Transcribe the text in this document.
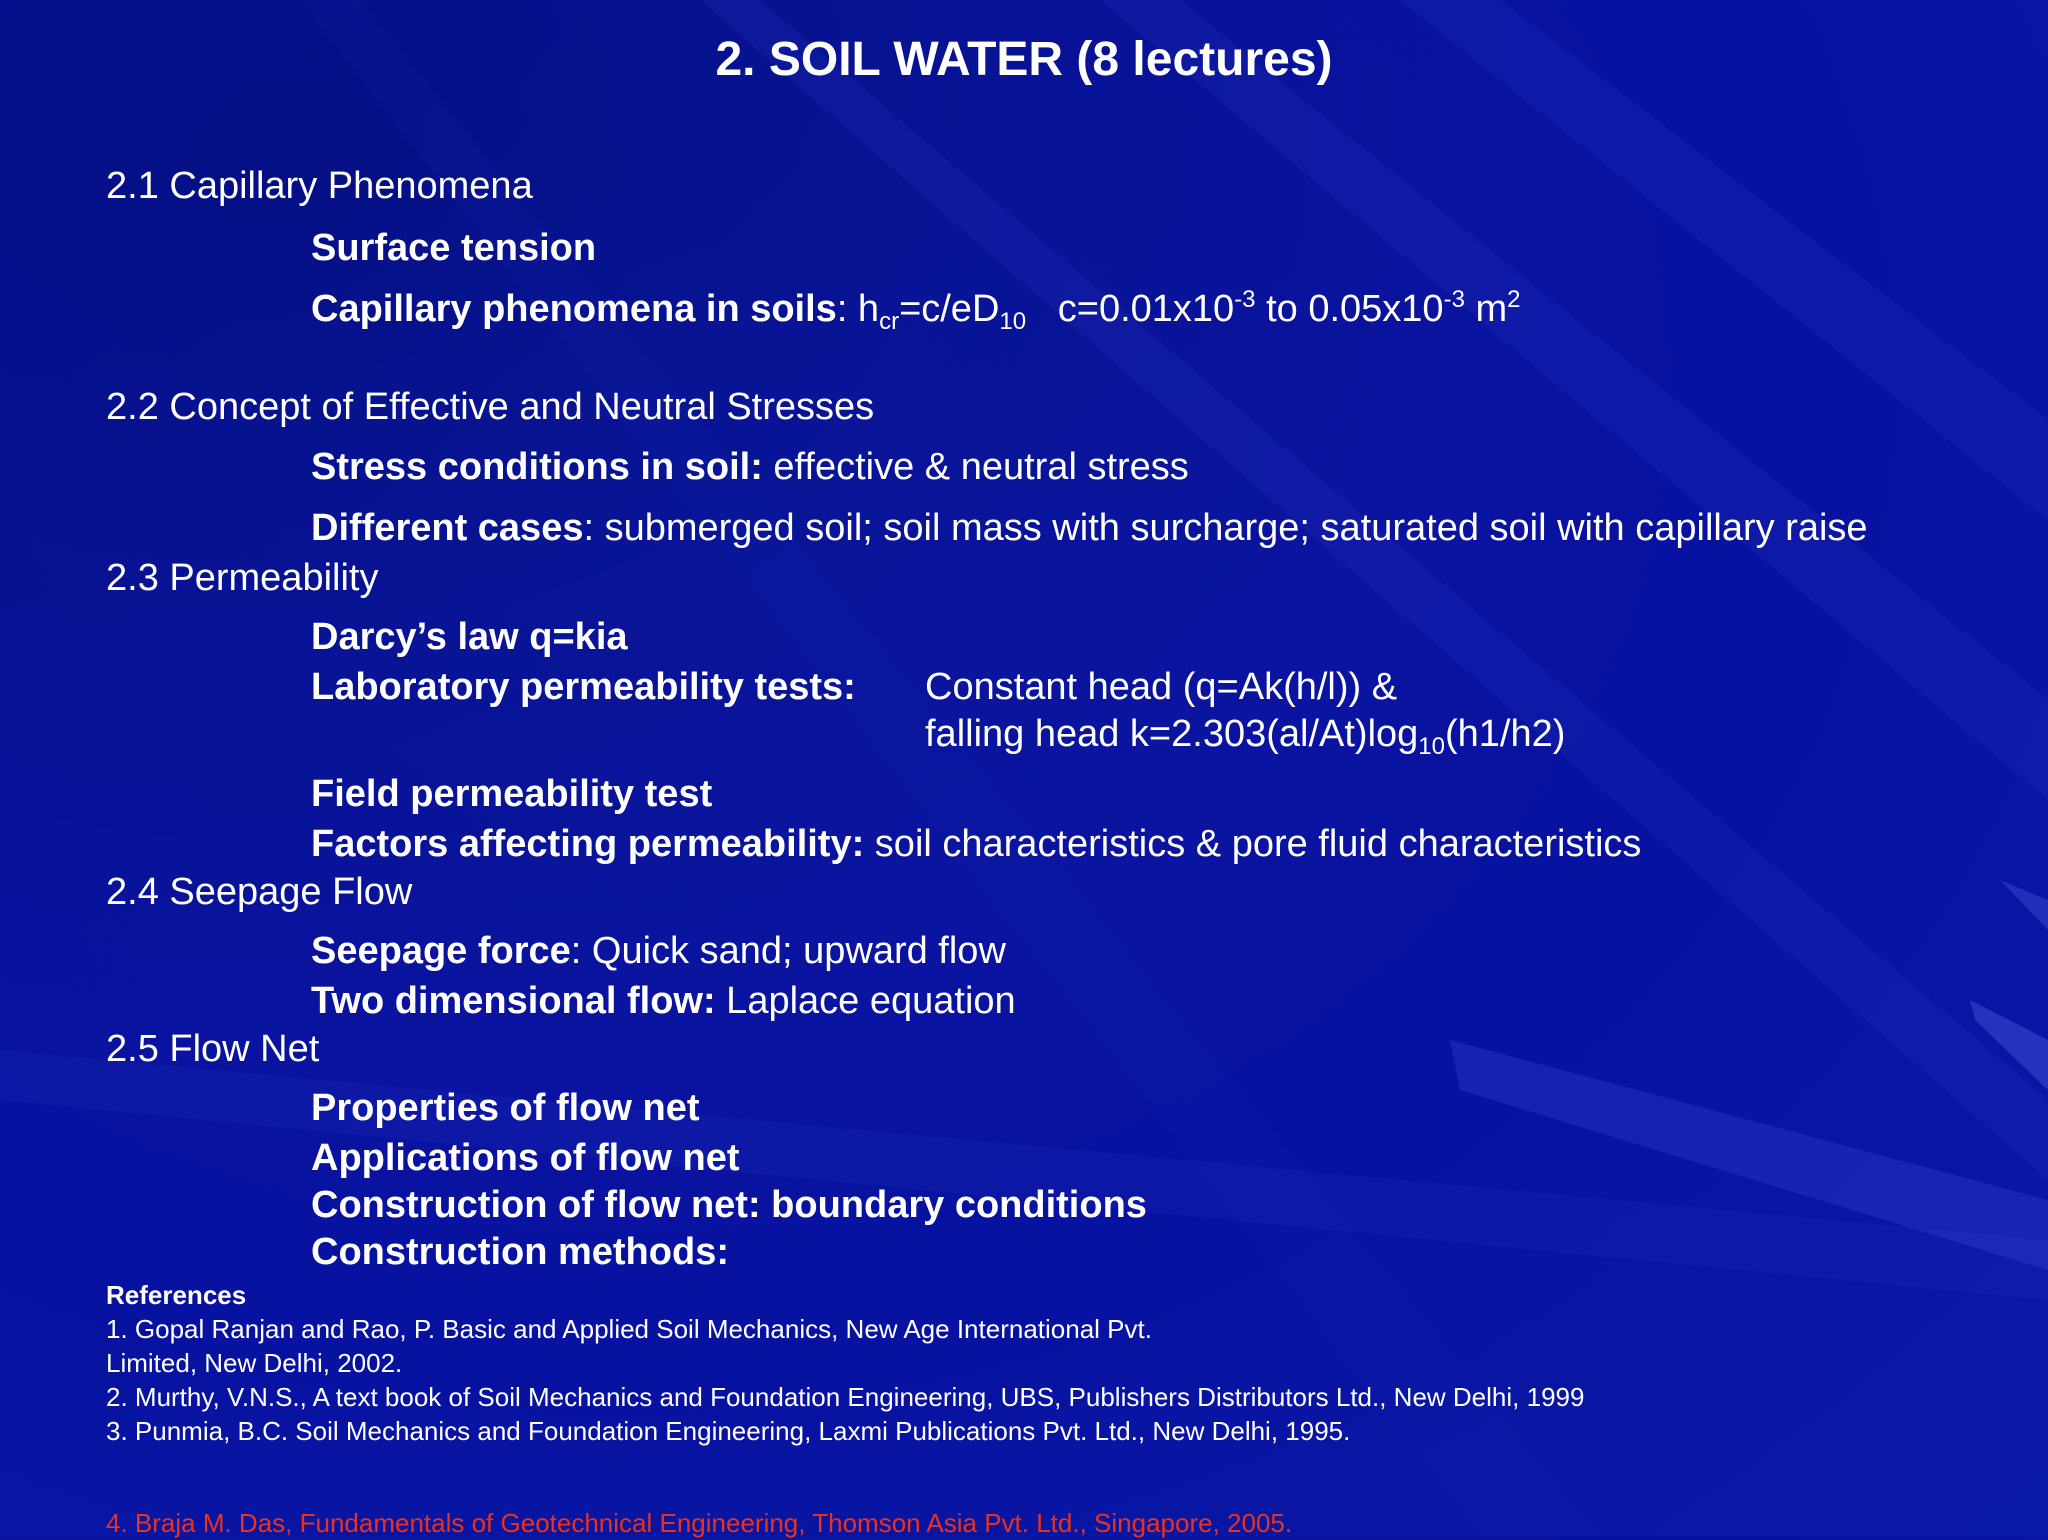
2. SOIL WATER (8 lectures)
2.1 Capillary Phenomena
Surface tension
Capillary phenomena in soils: $h_{cr}=c/eD_{10}$   $c=0.01x10^{-3}$ to $0.05x10^{-3}$ $m^2$
2.2 Concept of Effective and Neutral Stresses
Stress conditions in soil: effective & neutral stress
Different cases: submerged soil; soil mass with surcharge; saturated soil with capillary raise
2.3 Permeability
Darcy’s law q=kia
Laboratory permeability tests: Constant head (q=Ak(h/l)) &
falling head $k=2.303(al/At)\log_{10}(h1/h2)$
Field permeability test
Factors affecting permeability: soil characteristics & pore fluid characteristics
2.4 Seepage Flow
Seepage force: Quick sand; upward flow
Two dimensional flow: Laplace equation
2.5 Flow Net
Properties of flow net
Applications of flow net
Construction of flow net: boundary conditions
Construction methods:
References
1. Gopal Ranjan and Rao, P. Basic and Applied Soil Mechanics, New Age International Pvt.
Limited, New Delhi, 2002.
2. Murthy, V.N.S., A text book of Soil Mechanics and Foundation Engineering, UBS, Publishers Distributors Ltd., New Delhi, 1999
3. Punmia, B.C. Soil Mechanics and Foundation Engineering, Laxmi Publications Pvt. Ltd., New Delhi, 1995.
4. Braja M. Das, Fundamentals of Geotechnical Engineering, Thomson Asia Pvt. Ltd., Singapore, 2005.
